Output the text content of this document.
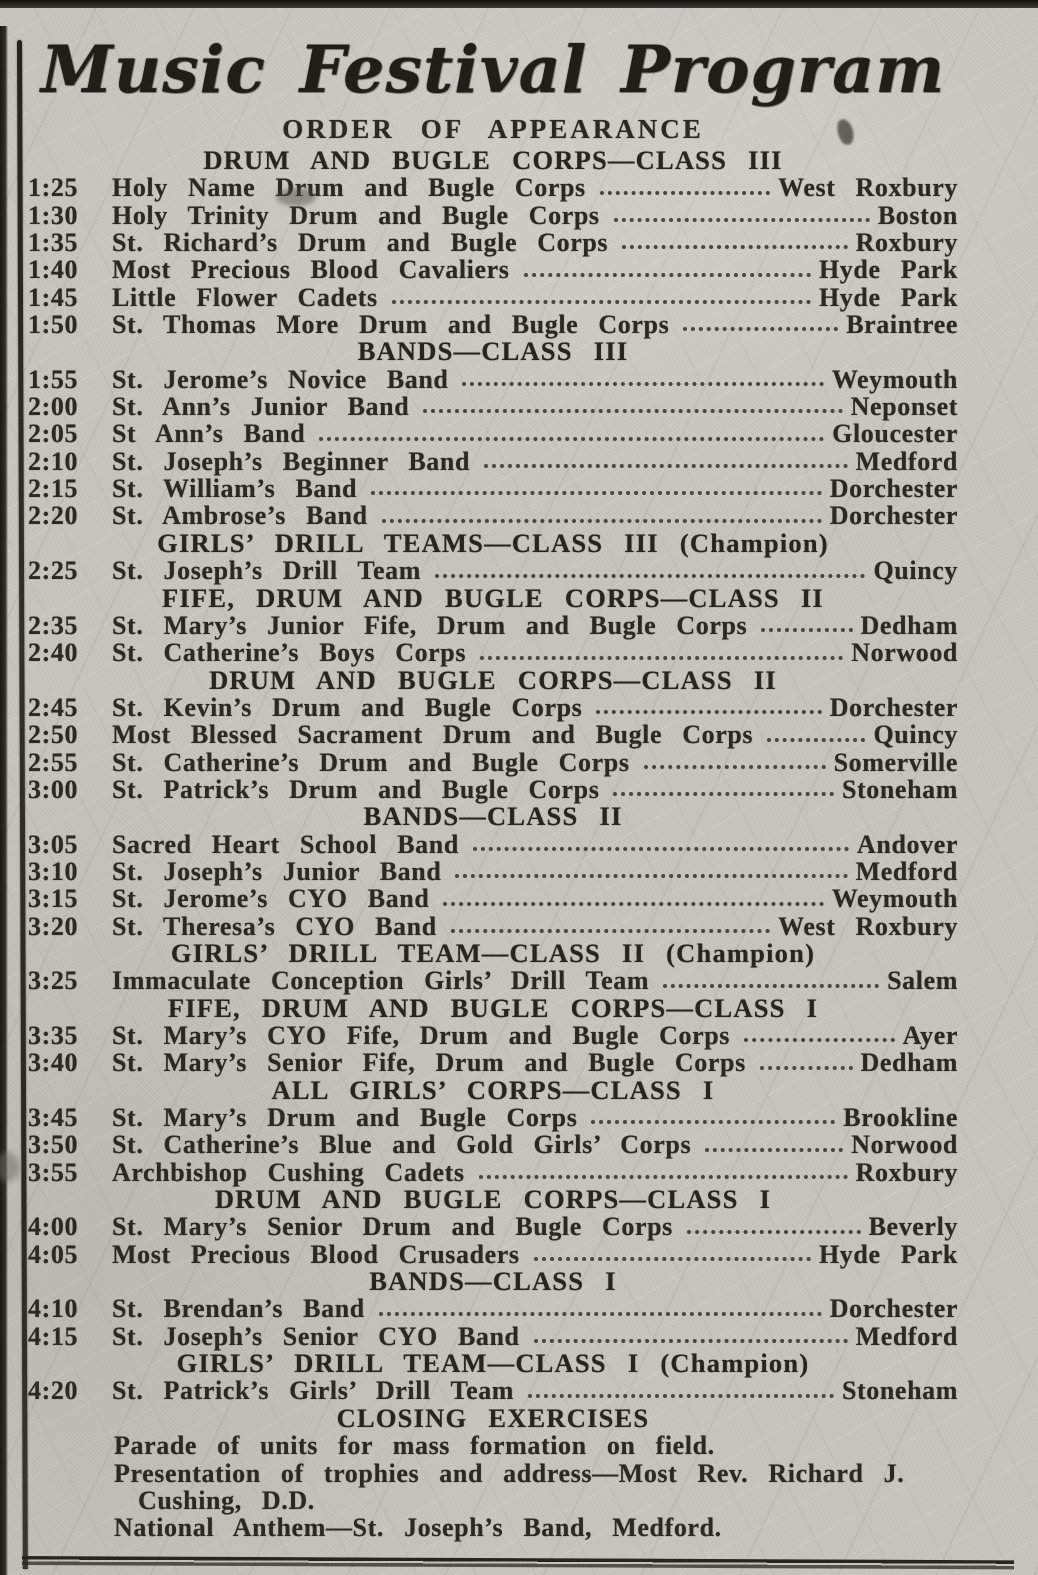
Music Festival Program
ORDER OF APPEARANCE
DRUM AND BUGLE CORPS—CLASS III
1:25	Holy Name Drum and Bugle Corps	West Roxbury
1:30	Holy Trinity Drum and Bugle Corps	Boston
1:35	St. Richard’s Drum and Bugle Corps	Roxbury
1:40	Most Precious Blood Cavaliers	Hyde Park
1:45	Little Flower Cadets	Hyde Park
1:50	St. Thomas More Drum and Bugle Corps	Braintree
BANDS—CLASS III
1:55	St. Jerome’s Novice Band	Weymouth
2:00	St. Ann’s Junior Band	Neponset
2:05	St Ann’s Band	Gloucester
2:10	St. Joseph’s Beginner Band	Medford
2:15	St. William’s Band	Dorchester
2:20	St. Ambrose’s Band	Dorchester
GIRLS’ DRILL TEAMS—CLASS III (Champion)
2:25	St. Joseph’s Drill Team	Quincy
FIFE, DRUM AND BUGLE CORPS—CLASS II
2:35	St. Mary’s Junior Fife, Drum and Bugle Corps	Dedham
2:40	St. Catherine’s Boys Corps	Norwood
DRUM AND BUGLE CORPS—CLASS II
2:45	St. Kevin’s Drum and Bugle Corps	Dorchester
2:50	Most Blessed Sacrament Drum and Bugle Corps	Quincy
2:55	St. Catherine’s Drum and Bugle Corps	Somerville
3:00	St. Patrick’s Drum and Bugle Corps	Stoneham
BANDS—CLASS II
3:05	Sacred Heart School Band	Andover
3:10	St. Joseph’s Junior Band	Medford
3:15	St. Jerome’s CYO Band	Weymouth
3:20	St. Theresa’s CYO Band	West Roxbury
GIRLS’ DRILL TEAM—CLASS II (Champion)
3:25	Immaculate Conception Girls’ Drill Team	Salem
FIFE, DRUM AND BUGLE CORPS—CLASS I
3:35	St. Mary’s CYO Fife, Drum and Bugle Corps	Ayer
3:40	St. Mary’s Senior Fife, Drum and Bugle Corps	Dedham
ALL GIRLS’ CORPS—CLASS I
3:45	St. Mary’s Drum and Bugle Corps	Brookline
3:50	St. Catherine’s Blue and Gold Girls’ Corps	Norwood
3:55	Archbishop Cushing Cadets	Roxbury
DRUM AND BUGLE CORPS—CLASS I
4:00	St. Mary’s Senior Drum and Bugle Corps	Beverly
4:05	Most Precious Blood Crusaders	Hyde Park
BANDS—CLASS I
4:10	St. Brendan’s Band	Dorchester
4:15	St. Joseph’s Senior CYO Band	Medford
GIRLS’ DRILL TEAM—CLASS I (Champion)
4:20	St. Patrick’s Girls’ Drill Team	Stoneham
CLOSING EXERCISES
Parade of units for mass formation on field.
Presentation of trophies and address—Most Rev. Richard J. Cushing, D.D.
National Anthem—St. Joseph’s Band, Medford.
